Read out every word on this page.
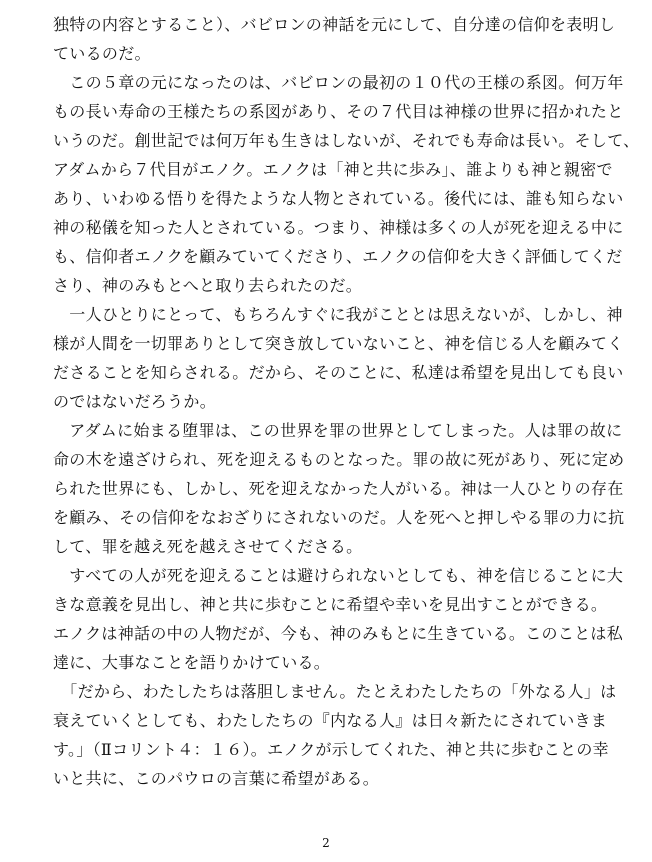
独特の内容とすること）、バビロンの神話を元にして、自分達の信仰を表明し
ているのだ。
　この５章の元になったのは、バビロンの最初の１０代の王様の系図。何万年
もの長い寿命の王様たちの系図があり、その７代目は神様の世界に招かれたと
いうのだ。創世記では何万年も生きはしないが、それでも寿命は長い。そして、
アダムから７代目がエノク。エノクは「神と共に歩み」、誰よりも神と親密で
あり、いわゆる悟りを得たような人物とされている。後代には、誰も知らない
神の秘儀を知った人とされている。つまり、神様は多くの人が死を迎える中に
も、信仰者エノクを顧みていてくださり、エノクの信仰を大きく評価してくだ
さり、神のみもとへと取り去られたのだ。
　一人ひとりにとって、もちろんすぐに我がこととは思えないが、しかし、神
様が人間を一切罪ありとして突き放していないこと、神を信じる人を顧みてく
ださることを知らされる。だから、そのことに、私達は希望を見出しても良い
のではないだろうか。
　アダムに始まる堕罪は、この世界を罪の世界としてしまった。人は罪の故に
命の木を遠ざけられ、死を迎えるものとなった。罪の故に死があり、死に定め
られた世界にも、しかし、死を迎えなかった人がいる。神は一人ひとりの存在
を顧み、その信仰をなおざりにされないのだ。人を死へと押しやる罪の力に抗
して、罪を越え死を越えさせてくださる。
　すべての人が死を迎えることは避けられないとしても、神を信じることに大
きな意義を見出し、神と共に歩むことに希望や幸いを見出すことができる。
エノクは神話の中の人物だが、今も、神のみもとに生きている。このことは私
達に、大事なことを語りかけている。
　「だから、わたしたちは落胆しません。たとえわたしたちの「外なる人」は
衰えていくとしても、わたしたちの『内なる人』は日々新たにされていきま
す。」（Ⅱコリント４：１６）。エノクが示してくれた、神と共に歩むことの幸
いと共に、このパウロの言葉に希望がある。
2
